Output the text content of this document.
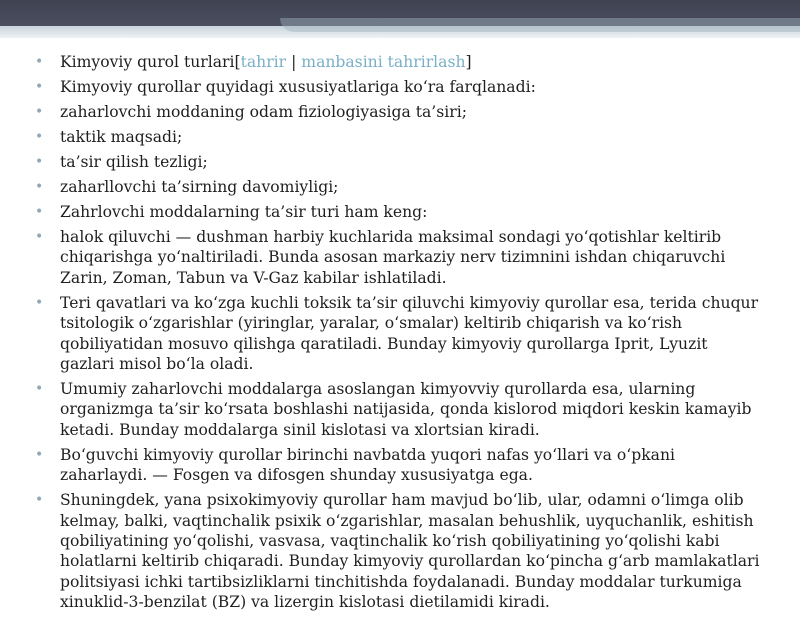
• Kimyoviy qurol turlari[tahrir | manbasini tahrirlash]
• Kimyoviy qurollar quyidagi xususiyatlariga ko‘ra farqlanadi:
• zaharlovchi moddaning odam fiziologiyasiga ta’siri;
• taktik maqsadi;
• ta’sir qilish tezligi;
• zaharllovchi ta’sirning davomiyligi;
• Zahrlovchi moddalarning ta’sir turi ham keng:
• halok qiluvchi — dushman harbiy kuchlarida maksimal sondagi yo‘qotishlar keltirib chiqarishga yo‘naltiriladi. Bunda asosan markaziy nerv tizimnini ishdan chiqaruvchi Zarin, Zoman, Tabun va V-Gaz kabilar ishlatiladi.
• Teri qavatlari va ko‘zga kuchli toksik ta’sir qiluvchi kimyoviy qurollar esa, terida chuqur tsitologik o‘zgarishlar (yiringlar, yaralar, o‘smalar) keltirib chiqarish va ko‘rish qobiliyatidan mosuvo qilishga qaratiladi. Bunday kimyoviy qurollarga Iprit, Lyuzit gazlari misol bo‘la oladi.
• Umumiy zaharlovchi moddalarga asoslangan kimyovviy qurollarda esa, ularning organizmga ta’sir ko‘rsata boshlashi natijasida, qonda kislorod miqdori keskin kamayib ketadi. Bunday moddalarga sinil kislotasi va xlortsian kiradi.
• Bo‘guvchi kimyoviy qurollar birinchi navbatda yuqori nafas yo‘llari va o‘pkani zaharlaydi. — Fosgen va difosgen shunday xususiyatga ega.
• Shuningdek, yana psixokimyoviy qurollar ham mavjud bo‘lib, ular, odamni o‘limga olib kelmay, balki, vaqtinchalik psixik o‘zgarishlar, masalan behushlik, uyquchanlik, eshitish qobiliyatining yo‘qolishi, vasvasa, vaqtinchalik ko‘rish qobiliyatining yo‘qolishi kabi holatlarni keltirib chiqaradi. Bunday kimyoviy qurollardan ko‘pincha g‘arb mamlakatlari politsiyasi ichki tartibsizliklarni tinchitishda foydalanadi. Bunday moddalar turkumiga xinuklid-3-benzilat (BZ) va lizergin kislotasi dietilamidi kiradi.
